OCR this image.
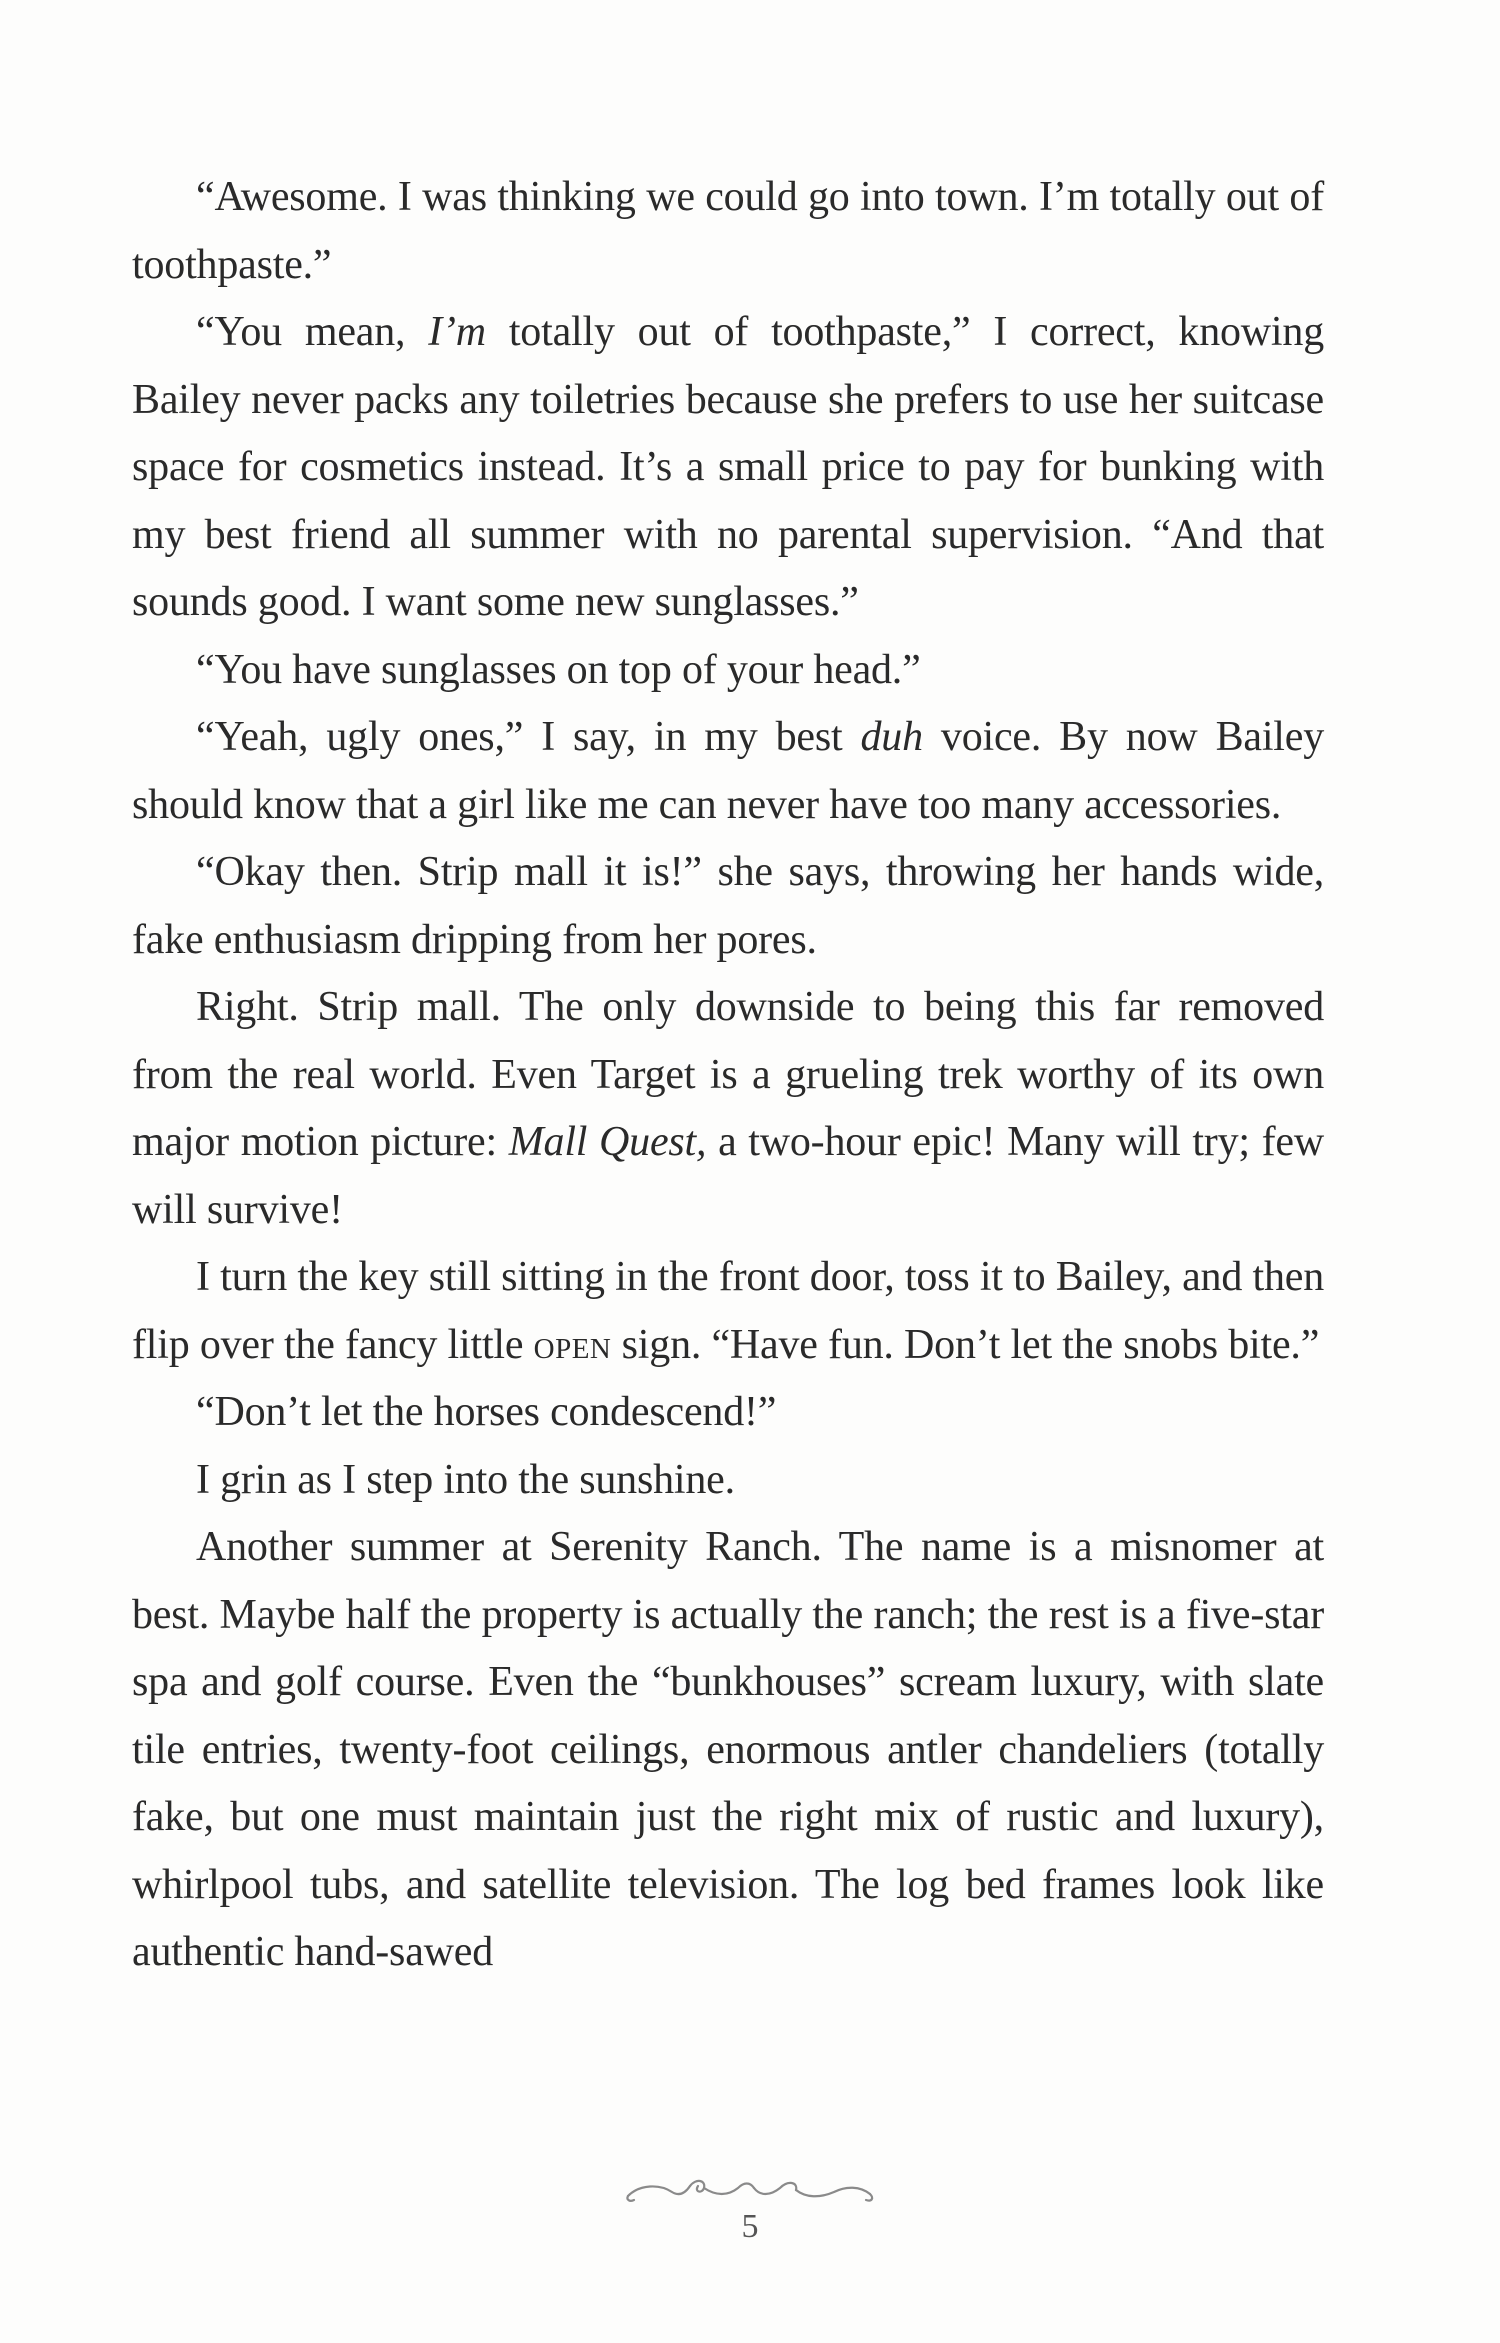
“Awesome. I was thinking we could go into town. I’m totally out of toothpaste.”

“You mean, I’m totally out of toothpaste,” I correct, knowing Bailey never packs any toiletries because she prefers to use her suitcase space for cosmetics instead. It’s a small price to pay for bunking with my best friend all summer with no parental supervision. “And that sounds good. I want some new sunglasses.”

“You have sunglasses on top of your head.”

“Yeah, ugly ones,” I say, in my best duh voice. By now Bailey should know that a girl like me can never have too many accessories.

“Okay then. Strip mall it is!” she says, throwing her hands wide, fake enthusiasm dripping from her pores.

Right. Strip mall. The only downside to being this far removed from the real world. Even Target is a grueling trek worthy of its own major motion picture: Mall Quest, a two-hour epic! Many will try; few will survive!

I turn the key still sitting in the front door, toss it to Bailey, and then flip over the fancy little open sign. “Have fun. Don’t let the snobs bite.”

“Don’t let the horses condescend!”

I grin as I step into the sunshine.

Another summer at Serenity Ranch. The name is a misnomer at best. Maybe half the property is actually the ranch; the rest is a five-star spa and golf course. Even the “bunkhouses” scream luxury, with slate tile entries, twenty-foot ceilings, enormous antler chandeliers (totally fake, but one must maintain just the right mix of rustic and luxury), whirlpool tubs, and satellite television. The log bed frames look like authentic hand-sawed

5
